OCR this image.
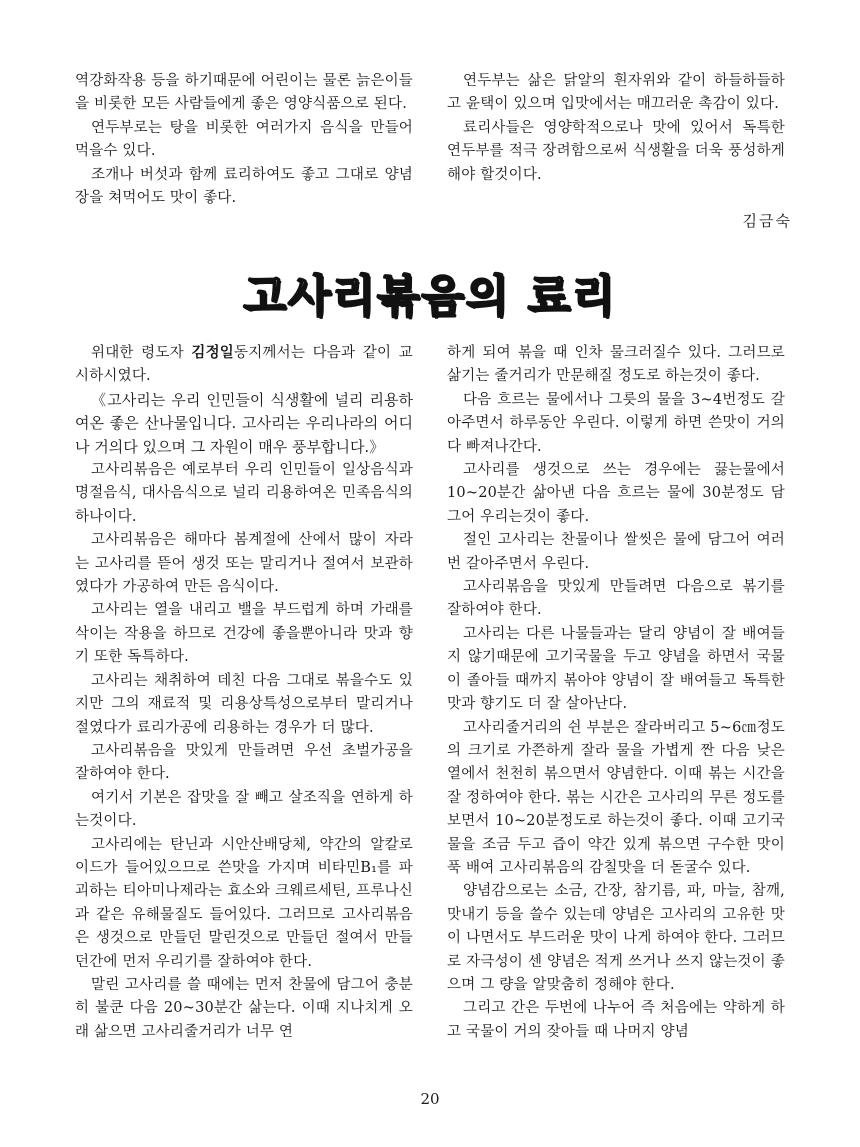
역강화작용 등을 하기때문에 어린이는 물론 늙은이들을 비롯한 모든 사람들에게 좋은 영양식품으로 된다.

연두부로는 탕을 비롯한 여러가지 음식을 만들어먹을수 있다.

조개나 버섯과 함께 료리하여도 좋고 그대로 양념장을 쳐먹어도 맛이 좋다.

연두부는 삶은 닭알의 흰자위와 같이 하들하들하고 윤택이 있으며 입맛에서는 매끄러운 촉감이 있다.

료리사들은 영양학적으로나 맛에 있어서 독특한 연두부를 적극 장려함으로써 식생활을 더욱 풍성하게 해야 할것이다.

김금숙
고사리볶음의 료리

위대한 령도자 김정일동지께서는 다음과 같이 교시하시였다.

《고사리는 우리 인민들이 식생활에 널리 리용하여온 좋은 산나물입니다. 고사리는 우리나라의 어디나 거의다 있으며 그 자원이 매우 풍부합니다.》

고사리볶음은 예로부터 우리 인민들이 일상음식과 명절음식, 대사음식으로 널리 리용하여온 민족음식의 하나이다.

고사리볶음은 해마다 봄계절에 산에서 많이 자라는 고사리를 뜯어 생것 또는 말리거나 절여서 보관하였다가 가공하여 만든 음식이다.

고사리는 열을 내리고 밸을 부드럽게 하며 가래를 삭이는 작용을 하므로 건강에 좋을뿐아니라 맛과 향기 또한 독특하다.

고사리는 채취하여 데친 다음 그대로 볶을수도 있지만 그의 재료적 및 리용상특성으로부터 말리거나 절였다가 료리가공에 리용하는 경우가 더 많다.

고사리볶음을 맛있게 만들려면 우선 초벌가공을 잘하여야 한다.

여기서 기본은 잡맛을 잘 빼고 살조직을 연하게 하는것이다.

고사리에는 탄닌과 시안산배당체, 약간의 알칼로이드가 들어있으므로 쓴맛을 가지며 비타민B₁를 파괴하는 티아미나제라는 효소와 크웨르세틴, 프루나신과 같은 유해물질도 들어있다. 그러므로 고사리볶음은 생것으로 만들던 말린것으로 만들던 절여서 만들던간에 먼저 우리기를 잘하여야 한다.

말린 고사리를 쓸 때에는 먼저 찬물에 담그어 충분히 불쿤 다음 20~30분간 삶는다. 이때 지나치게 오래 삶으면 고사리줄거리가 너무 연

하게 되여 볶을 때 인차 물크러질수 있다. 그러므로 삶기는 줄거리가 만문해질 정도로 하는것이 좋다.

다음 흐르는 물에서나 그릇의 물을 3~4번정도 갈아주면서 하루동안 우린다. 이렇게 하면 쓴맛이 거의다 빠져나간다.

고사리를 생것으로 쓰는 경우에는 끓는물에서 10~20분간 삶아낸 다음 흐르는 물에 30분정도 담그어 우리는것이 좋다.

절인 고사리는 찬물이나 쌀씻은 물에 담그어 여러번 갈아주면서 우린다.

고사리볶음을 맛있게 만들려면 다음으로 볶기를 잘하여야 한다.

고사리는 다른 나물들과는 달리 양념이 잘 배여들지 않기때문에 고기국물을 두고 양념을 하면서 국물이 졸아들 때까지 볶아야 양념이 잘 배여들고 독특한 맛과 향기도 더 잘 살아난다.

고사리줄거리의 쉰 부분은 잘라버리고 5~6㎝정도의 크기로 가쯘하게 잘라 물을 가볍게 짠 다음 낮은 열에서 천천히 볶으면서 양념한다. 이때 볶는 시간을 잘 정하여야 한다. 볶는 시간은 고사리의 무른 정도를 보면서 10~20분정도로 하는것이 좋다. 이때 고기국물을 조금 두고 즙이 약간 있게 볶으면 구수한 맛이 푹 배여 고사리볶음의 감칠맛을 더 돋굴수 있다.

양념감으로는 소금, 간장, 참기름, 파, 마늘, 참깨, 맛내기 등을 쓸수 있는데 양념은 고사리의 고유한 맛이 나면서도 부드러운 맛이 나게 하여야 한다. 그러므로 자극성이 센 양념은 적게 쓰거나 쓰지 않는것이 좋으며 그 량을 알맞춤히 정해야 한다.

그리고 간은 두번에 나누어 즉 처음에는 약하게 하고 국물이 거의 잦아들 때 나머지 양념

20
